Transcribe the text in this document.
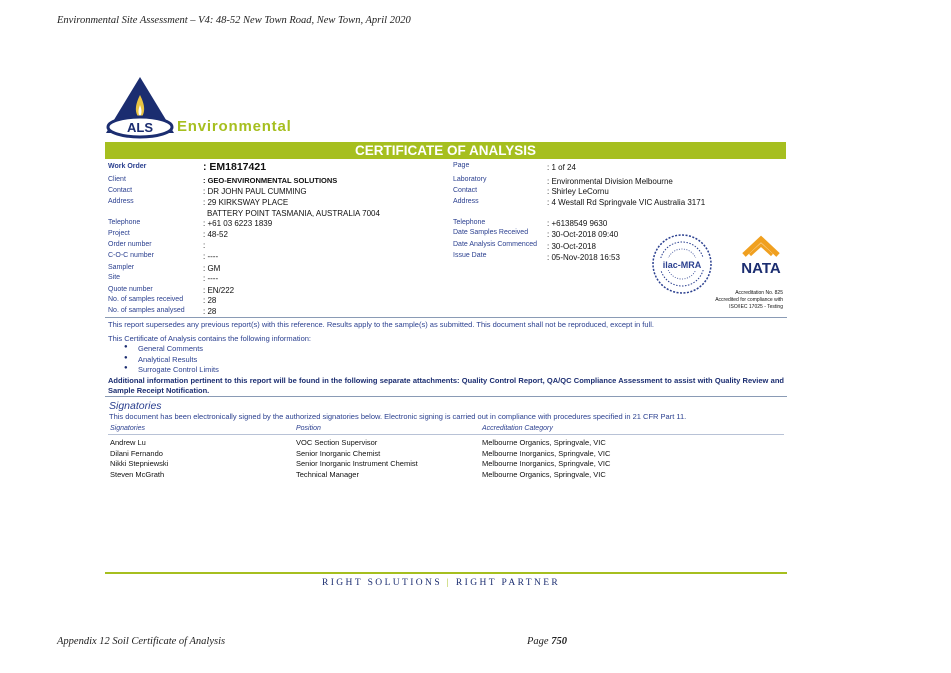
Environmental Site Assessment – V4: 48-52 New Town Road, New Town, April 2020
Appendix 12 Soil Certificate of Analysis	Page 750
ALS Environmental
CERTIFICATE OF ANALYSIS
Work Order	: EM1817421
Client	: GEO-ENVIRONMENTAL SOLUTIONS
Contact	: DR JOHN PAUL CUMMING
Address	: 29 KIRKSWAY PLACE
BATTERY POINT TASMANIA, AUSTRALIA 7004
Telephone	: +61 03 6223 1839
Project	: 48-52
Order number	:
C-O-C number	: ----
Sampler	: GM
Site	: ----
Quote number	: EN/222
No. of samples received : 28
No. of samples analysed : 28
Page	: 1 of 24
Laboratory	: Environmental Division Melbourne
Contact	: Shirley LeCornu
Address	: 4 Westall Rd Springvale VIC Australia 3171
Telephone	: +6138549 9630
Date Samples Received : 30-Oct-2018 09:40
Date Analysis Commenced : 30-Oct-2018
Issue Date	: 05-Nov-2018 16:53
ilac-MRA	NATA
Accreditation No. 825
Accredited for compliance with
ISO/IEC 17025 - Testing
This report supersedes any previous report(s) with this reference. Results apply to the sample(s) as submitted. This document shall not be reproduced, except in full.
This Certificate of Analysis contains the following information:
● General Comments
● Analytical Results
● Surrogate Control Limits
Additional information pertinent to this report will be found in the following separate attachments: Quality Control Report, QA/QC Compliance Assessment to assist with Quality Review and Sample Receipt Notification.
Signatories
This document has been electronically signed by the authorized signatories below. Electronic signing is carried out in compliance with procedures specified in 21 CFR Part 11.
Signatories	Position	Accreditation Category
Andrew Lu	VOC Section Supervisor	Melbourne Organics, Springvale, VIC
Dilani Fernando	Senior Inorganic Chemist	Melbourne Inorganics, Springvale, VIC
Nikki Stepniewski	Senior Inorganic Instrument Chemist	Melbourne Inorganics, Springvale, VIC
Steven McGrath	Technical Manager	Melbourne Organics, Springvale, VIC
RIGHT SOLUTIONS | RIGHT PARTNER
